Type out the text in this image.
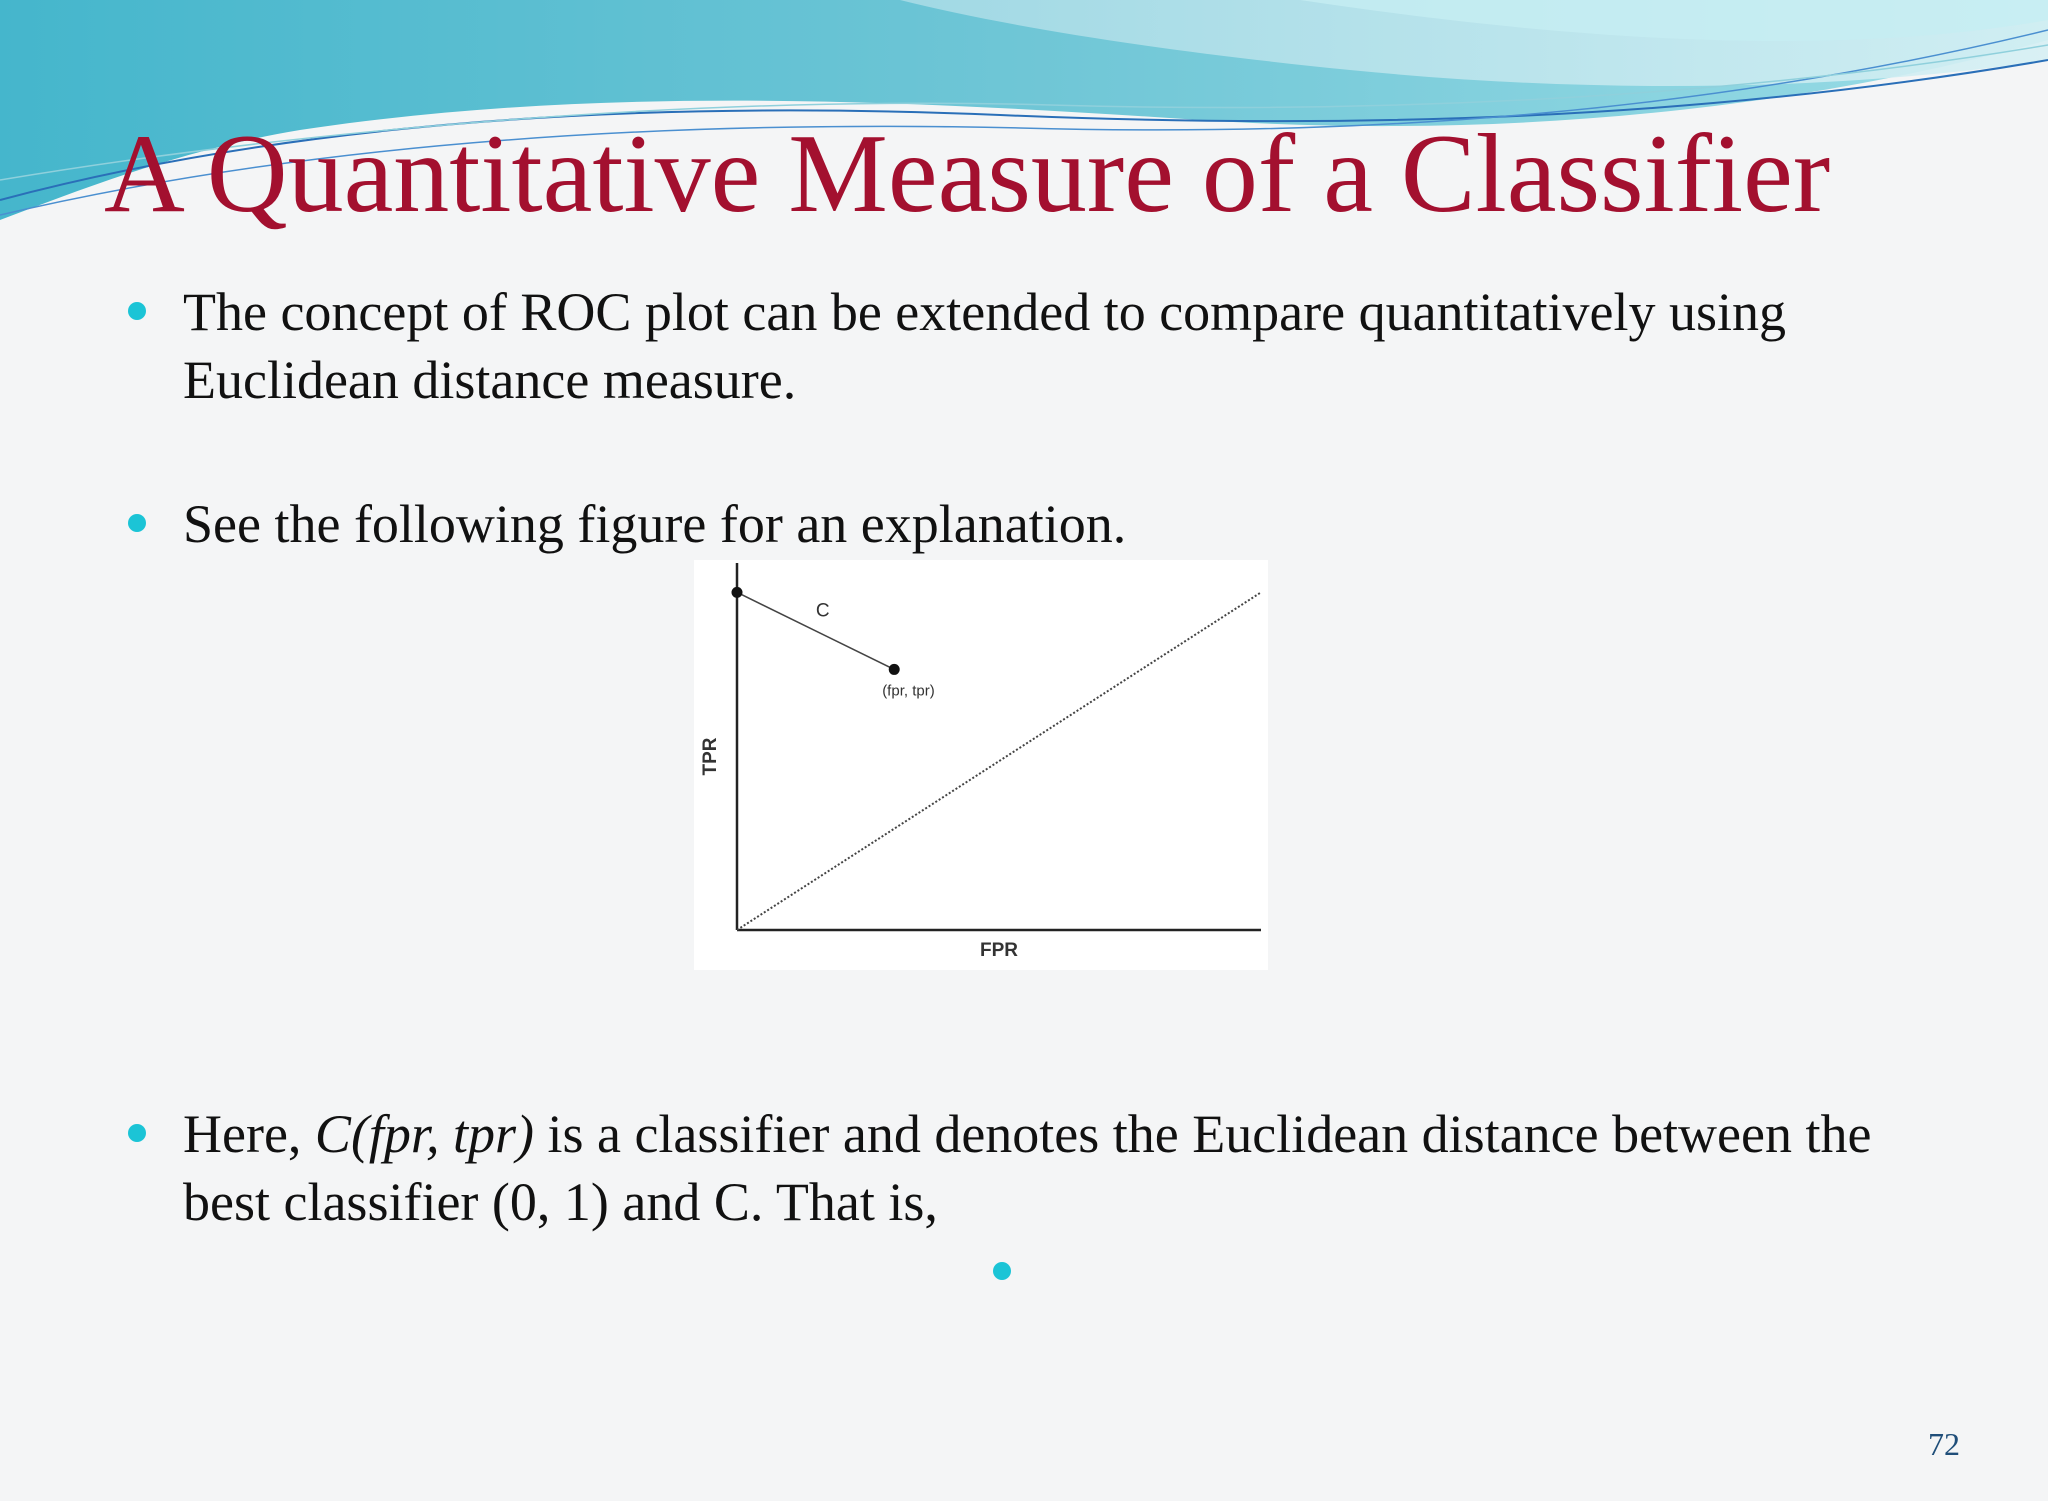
A Quantitative Measure of a Classifier

The concept of ROC plot can be extended to compare quantitatively using Euclidean distance measure.

See the following figure for an explanation.

(fpr, tpr)
C
FPR
TPR

Here, C(fpr, tpr) is a classifier and denotes the Euclidean distance between the best classifier (0, 1) and C. That is,

72
